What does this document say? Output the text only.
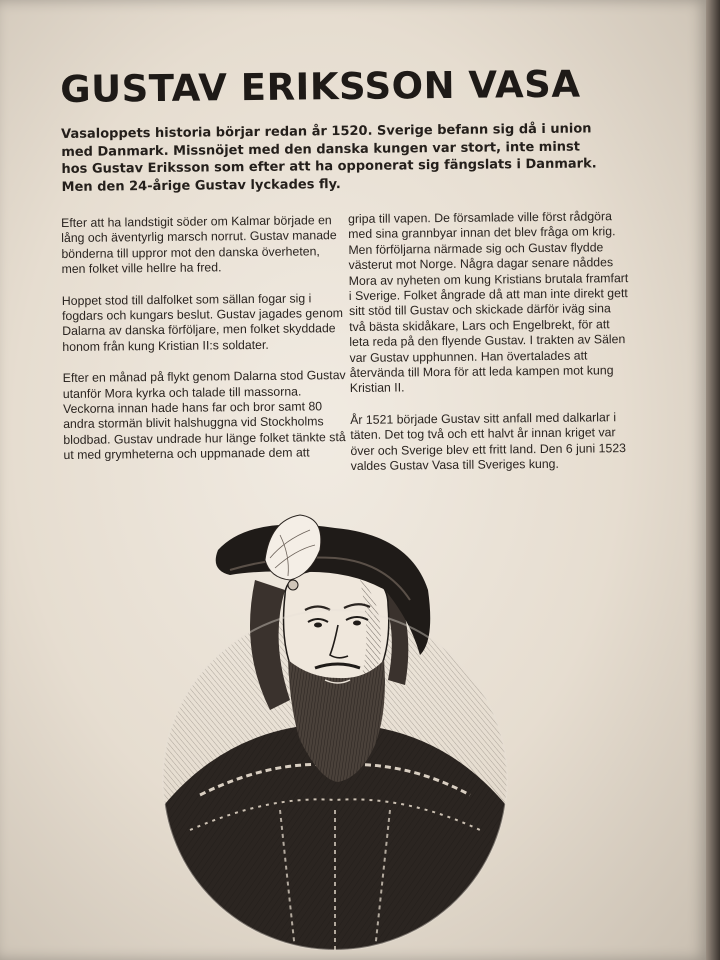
GUSTAV ERIKSSON VASA

Vasaloppets historia börjar redan år 1520. Sverige befann sig då i union med Danmark. Missnöjet med den danska kungen var stort, inte minst hos Gustav Eriksson som efter att ha opponerat sig fängslats i Danmark. Men den 24-årige Gustav lyckades fly.

Efter att ha landstigit söder om Kalmar började en lång och äventyrlig marsch norrut. Gustav manade bönderna till uppror mot den danska överheten, men folket ville hellre ha fred.

Hoppet stod till dalfolket som sällan fogar sig i fogdars och kungars beslut. Gustav jagades genom Dalarna av danska förföljare, men folket skyddade honom från kung Kristian II:s soldater.

Efter en månad på flykt genom Dalarna stod Gustav utanför Mora kyrka och talade till massorna. Veckorna innan hade hans far och bror samt 80 andra stormän blivit halshuggna vid Stockholms blodbad. Gustav undrade hur länge folket tänkte stå ut med grymheterna och uppmanade dem att

gripa till vapen. De församlade ville först rådgöra med sina grannbyar innan det blev fråga om krig. Men förföljarna närmade sig och Gustav flydde västerut mot Norge. Några dagar senare nåddes Mora av nyheten om kung Kristians brutala framfart i Sverige. Folket ångrade då att man inte direkt gett sitt stöd till Gustav och skickade därför iväg sina två bästa skidåkare, Lars och Engelbrekt, för att leta reda på den flyende Gustav. I trakten av Sälen var Gustav upphunnen. Han övertalades att återvända till Mora för att leda kampen mot kung Kristian II.

År 1521 började Gustav sitt anfall med dalkarlar i täten. Det tog två och ett halvt år innan kriget var över och Sverige blev ett fritt land. Den 6 juni 1523 valdes Gustav Vasa till Sveriges kung.
